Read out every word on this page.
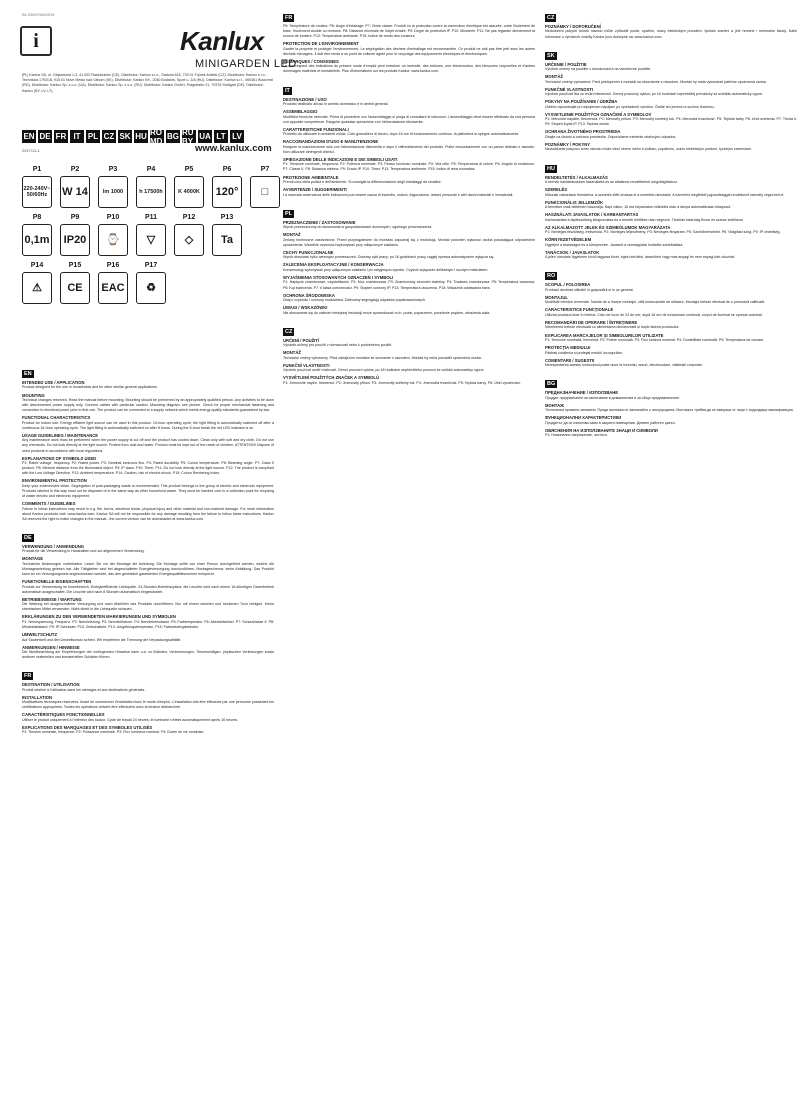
IM-20697/IM/2019
i	Kanlux
MINIGARDEN LED
[PL] Kanlux SA, ul. Objazdowa 1-3, 41-922 Radzionków (CE). Distributor: Kanlux s.r.o., Sadová 616, 739 01 Frýdek-Místek (CZ). Distributor: Kanlux s.r.o., Technická 1793/16, 915 01 Nové Mesto nad Váhom (SK). Distributor: Kanlux Kft., 2040 Budaörs, Sport u. 2/A (HU). Distributor: Kanlux s.r.l., 060361 Bucuresti (RO). Distributor: Kanlux Sp. z o.o. (UA). Distributor: Kanlux Sp. z o.o. (RU). Distributor: Kanlux GmbH, Pragstraße 21, 70376 Stuttgart (DE). Distributor: Kanlux (BY, LV, LT).
EN DE FR IT PL CZ SK HU RO MD BG RU BY UA LT LV
2017/11-1	www.kanlux.com
P1
220-240V~ 50/60Hz
P2
W 14
P3
lm 1000
P4
h 17500h
P5
K 4000K
P6
120°
P7
□
P8
0,1m
P9
IP20
P10
⌚
P11
▽
P12
◇
P13
Ta
P14
⚠
P15
CE
P16
EAC
P17
♻
EN
INTENDED USE / APPLICATION
Product designed for the use in households and for other similar general applications.
MOUNTING
Technical changes reserved. Read the manual before mounting. Mounting should be performed by an appropriately qualified person. Any activities to be done with disconnected power supply only. Connect cables with particular caution. Mounting diagram: see picture. Check for proper mechanical fastening and connection to electrical power prior to first use. The product can be connected to a supply network which meets energy quality standards guaranteed by law.
FUNCTIONAL CHARACTERISTICS
Product for indoor use. Energy efficient light source can be used in this product. 24-hour operating cycle; the light fitting is automatically switched off after a continuous 16-hour operating cycle. The light fitting is automatically switched on after 8 hours. During the 8-hour break the red LED indicator is on.
USAGE GUIDELINES / MAINTENANCE
Any maintenance work must be performed when the power supply is cut off and the product has cooled down. Clean only with soft and dry cloth. Do not use any chemicals. Do not look directly at the light source. Protect from dust and water. Product must be kept out of the reach of children. ATTENTION! Dispose of used products in accordance with local regulations.
EXPLANATIONS OF SYMBOLS USED
P1: Rated voltage, frequency. P2: Rated power. P3: Nominal luminous flux. P4: Rated durability. P5: Colour temperature. P6: Beaming angle. P7: Class II product. P8: Minimal distance from the illuminated object. P9: IP class. P10: Timer. P11: Do not look directly at the light source. P12: The product is compliant with the Low Voltage Directive. P13: Ambient temperature. P14: Caution, risk of electric shock. P15: Colour Rendering Index.
ENVIRONMENTAL PROTECTION
Keep your environment clean. Segregation of post-packaging waste is recommended. This product belongs to the group of electric and electronic equipment. Products labeled in this way must not be disposed of in the same way as other household waste. They must be handed over to a collection point for recycling of waste electric and electronic equipment.
COMMENTS / GUIDELINES
Failure to follow instructions may result in e.g. fire, burns, electrical shock, physical injury and other material and non-material damage. For more information about Kanlux products visit: www.kanlux.com. Kanlux SA will not be responsible for any damage resulting from the failure to follow these instructions. Kanlux SA reserves the right to make changes in the manual - the current version can be downloaded at www.kanlux.com.
DE
VERWENDUNG / ANWENDUNG
Produkt für die Verwendung in Haushalten und zur allgemeinen Verwendung.
MONTAGE
Technische Änderungen vorbehalten. Lesen Sie vor der Montage die Anleitung. Die Montage sollte von einer Person durchgeführt werden, welche die Montageanleitung gelesen hat. Alle Tätigkeiten sind bei abgeschalteter Energieversorgung durchzuführen. Montageschema: siehe Abbildung. Das Produkt kann an ein Versorgungsnetz angeschlossen werden, das den gesetzlich garantierten Energiequalitätsnormen entspricht.
FUNKTIONELLE EIGENSCHAFTEN
Produkt zur Verwendung im Innenbereich. Energieeffiziente Lichtquelle. 24-Stunden-Betriebszyklus; die Leuchte wird nach einem 16-stündigen Dauerbetrieb automatisch ausgeschaltet. Die Leuchte wird nach 8 Stunden automatisch eingeschaltet.
BETRIEBSWEISE / WARTUNG
Die Wartung bei ausgeschalteter Versorgung und nach Abkühlen des Produkts durchführen. Nur mit einem weichen und trockenen Tuch reinigen. Keine chemischen Mittel verwenden. Nicht direkt in die Lichtquelle schauen.
ERKLÄRUNGEN ZU DEN VERWENDETEN MARKIERUNGEN UND SYMBOLEN
P1: Nennspannung, Frequenz. P2: Nennleistung. P3: Nennlichtstrom. P4: Nennlebensdauer. P5: Farbtemperatur. P6: Abstrahlwinkel. P7: Schutzklasse II. P8: Mindestabstand. P9: IP-Schutzart. P10: Zeitschaltuhr. P13: Umgebungstemperatur. P15: Farbwiedergabeindex.
UMWELTSCHUTZ
Auf Sauberkeit und den Umweltschutz achten. Wir empfehlen die Trennung der Verpackungsabfälle.
ANMERKUNGEN / HINWEISE
Die Nichtbeachtung der Empfehlungen der vorliegenden Hinweise kann u.a. zu Bränden, Verbrennungen, Stromschlägen, physischen Verletzungen sowie anderen materiellen und immateriellen Schäden führen.
FR
DESTINATION / UTILISATION
Produit destiné à l'utilisation dans les ménages et aux destinations générales.
INSTALLATION
Modifications techniques réservées. Avant de commencer l'installation lisez le mode d'emploi. L'installation doit être effectuée par une personne possédant les certifications appropriées. Toutes les opérations doivent être effectuées avec la tension débranchée.
CARACTÉRISTIQUES FONCTIONNELLES
Utiliser le produit uniquement à l'intérieur des locaux. Cycle de travail 24 heures; le luminaire s'éteint automatiquement après 16 heures.
EXPLICATIONS DES MARQUAGES ET DES SYMBOLES UTILISÉS
P1: Tension nominale, fréquence. P2: Puissance nominale. P3: Flux lumineux nominal. P4: Durée de vie nominale.
FR
P5: Température de couleur. P6: Angle d'éclairage. P7: 2ème classe: Produit où la protection contre la commotion électrique est assurée, outre l'isolement de base, l'isolement double ou renforcé. P8: Distance minimale de l'objet éclairé. P9: Degré de protection IP. P10: Minuterie. P11: Ne pas regarder directement la source de lumière. P13: Température ambiante. P15: Indice de rendu des couleurs.
PROTECTION DE L'ENVIRONNEMENT
Garder la propreté et protéger l'environnement. La ségrégation des déchets d'emballage est recommandée. Ce produit ne doit pas être jeté avec les autres déchets ménagers. Il doit être remis à un point de collecte agréé pour le recyclage des équipements électriques et électroniques.
REMARQUES / CONSIGNES
Le non-respect des indications du présent mode d'emploi peut entraîner un incendie, des brûlures, une électrocution, des blessures corporelles et d'autres dommages matériels et immatériels. Plus d'informations sur les produits Kanlux: www.kanlux.com.
IT
DESTINAZIONE / USO
Prodotto destinato all'uso in ambito domestico e in ambiti generali.
ASSEMBLAGGIO
Modifiche tecniche riservate. Prima di procedere con l'assemblaggio si prega di consultare le istruzioni. L'assemblaggio deve essere effettuato da una persona con apposite competenze. Eseguire qualsiasi operazione con l'alimentazione disinserita.
CARATTERISTICHE FUNZIONALI
Prodotto da utilizzare in ambienti chiusi. Ciclo giornaliero di lavoro, dopo 16 ore di funzionamento continuo, la plafoniera si spegne automaticamente.
RACCOMANDAZIONI D'USO E MANUTENZIONE
Eseguire la manutenzione solo con l'alimentazione disinserita e dopo il raffreddamento del prodotto. Pulire esclusivamente con un panno delicato e asciutto. Non utilizzare detergenti chimici.
SPIEGAZIONE DELLE INDICAZIONI E DEI SIMBOLI USATI
P1: Tensione nominale, frequenza. P2: Potenza nominale. P3: Flusso luminoso nominale. P4: Vita utile. P5: Temperatura di colore. P6: Angolo di emissione. P7: Classe II. P8: Distanza minima. P9: Grado IP. P10: Timer. P13: Temperatura ambiente. P15: Indice di resa cromatica.
PROTEZIONE AMBIENTALE
Prendi cura della pulizia e dell'ambiente. Si consiglia la differenziazione degli imballaggi da smaltire.
AVVERTENZE / SUGGERIMENTI
La mancata osservanza delle indicazioni può essere causa di incendio, ustioni, folgorazione, lesioni personali e altri danni materiali e immateriali.
PL
PRZEZNACZENIE / ZASTOSOWANIE
Wyrób przeznaczony do stosowania w gospodarstwach domowych i ogólnego przeznaczenia.
MONTAŻ
Zmiany techniczne zastrzeżone. Przed przystąpieniem do montażu zapoznaj się z instrukcją. Montaż powinien wykonać osoba posiadająca odpowiednie uprawnienia. Wszelkie czynności wykonywać przy odłączonym zasilaniu.
CECHY FUNKCJONALNE
Wyrób stosować tylko wewnątrz pomieszczeń. Dobowy cykl pracy; po 16 godzinach pracy ciągłej oprawa automatycznie wyłącza się.
ZALECENIA EKSPLOATACYJNE / KONSERWACJA
Konserwację wykonywać przy odłączonym zasilaniu i po ostygnięciu wyrobu. Czyścić wyłącznie delikatnym i suchym materiałem.
WYJAŚNIENIA STOSOWANYCH OZNACZEŃ I SYMBOLI
P1: Napięcie znamionowe, częstotliwość. P2: Moc znamionowa. P3: Znamionowy strumień świetlny. P4: Trwałość znamionowa. P5: Temperatura barwowa. P6: Kąt świecenia. P7: II klasa ochronności. P9: Stopień ochrony IP. P13: Temperatura otoczenia. P15: Wskaźnik oddawania barw.
OCHRONA ŚRODOWISKA
Dbaj o czystość i ochronę środowiska. Zalecamy segregację odpadów popakowaniowych.
UWAGI / WSKAZÓWKI
Nie stosowanie się do zaleceń niniejszej instrukcji może spowodować m.in. pożar, poparzenie, porażenie prądem, obrażenia ciała.
CZ
URČENÍ / POUŽITÍ
Výrobek určený pro použití v domácnosti nebo k podobnému použití.
MONTÁŽ
Technické změny vyhrazeny. Před zahájením montáže se seznamte s návodem. Montáž by měla provádět oprávněná osoba.
FUNKČNÍ VLASTNOSTI
Výrobek používat uvnitř místností. Denní provozní cyklus; po 16 hodinách nepřetržitého provozu se svítidlo automaticky vypne.
VYSVĚTLENÍ POUŽITÝCH ZNAČEK A SYMBOLŮ
P1: Jmenovité napětí, frekvence. P2: Jmenovitý příkon. P3: Jmenovitý světelný tok. P4: Jmenovitá trvanlivost. P5: Teplota barvy. P6: Úhel vyzařování.
CZ
POZNÁMKY / DOPORUČENÍ
Nedodržení pokynů tohoto návodu může způsobit požár, opaření, úrazy elektrickým proudem, fyzická zranění a jiné hmotné i nehmotné škody. Další informace o výrobcích značky Kanlux jsou dostupné na: www.kanlux.com.
SK
URČENIE / POUŽITIE
Výrobok určený na použitie v domácnosti a na všeobecné použitie.
MONTÁŽ
Technické zmeny vyhradené. Pred pristúpením k montáži sa oboznámte s návodom. Montáž by mala vykonávať patrične oprávnená osoba.
FUNKČNÉ VLASTNOSTI
Výrobok používať iba vo vnútri miestností. Denný pracovný cyklus; po 16 hodinách nepretržitej prevádzky sa svietidlo automaticky vypne.
POKYNY NA POUŽÍVANIE / ÚDRŽBA
Údržbu vykonávajte pri odpojenom napájaní po vychladnutí výrobku. Čistite len jemnou a suchou tkaninou.
VYSVETLENIE POUŽITÝCH OZNAČENÍ A SYMBOLOV
P1: Menovité napätie, frekvencia. P2: Menovitý príkon. P3: Menovitý svetelný tok. P4: Menovitá trvanlivosť. P5: Teplota farby. P6: Uhol svietenia. P7: Trieda II. P9: Stupeň krytia IP. P13: Teplota okolia.
OCHRANA ŽIVOTNÉHO PROSTREDIA
Dbajte na čistotu a ochranu prostredia. Odporúčame triedenie obalových odpadov.
POZNÁMKY / POKYNY
Nedodržanie pokynov tohto návodu môže viesť okrem iného k požiaru, popáleniu, úrazu elektrickým prúdom, fyzickým zraneniam.
HU
RENDELTETÉS / ALKALMAZÁS
A termék háztartásokban használatra és az általános rendeltetésű megvilágításhoz.
SZERELÉS
Műszaki változások fenntartva. A szerelés előtt olvassa el a szerelési útmutatót. A szerelést megfelelő jogosultsággal rendelkező személy végezheti el.
FUNKCIONÁLIS JELLEMZŐK
A terméket csak beltérben használja. Napi ciklus; 16 óra folyamatos működés után a lámpa automatikusan kikapcsol.
HASZNÁLATI JAVASLATOK / KARBANTARTÁS
Karbantartást a tápfeszültség kikapcsolása és a termék lehűlése után végezze. Tisztítás kizárólag finom és száraz textíliával.
AZ ALKALMAZOTT JELEK ÉS SZIMBÓLUMOK MAGYARÁZATA
P1: Névleges feszültség, frekvencia. P2: Névleges teljesítmény. P3: Névleges fényáram. P5: Színhőmérséklet. P6: Világítási szög. P9: IP védettség.
KÖRNYEZETVÉDELEM
Ügyeljen a tisztaságra és a környezetre. Javasolt a csomagolási hulladék szelektálása.
TANÁCSOK / JAVASLATOK
A jelen útmutató figyelmen kívül hagyása tüzet, égési sérülést, áramütést vagy más anyagi és nem anyagi kárt okozhat.
RO
SCOPUL / FOLOSIREA
Produsul destinat utilizării în gospodării și în uz general.
MONTAJUL
Modificări tehnice rezervate. Înainte de a începe montajul, citiți instrucțiunile de utilizare. Montajul trebuie efectuat de o persoană calificată.
CARACTERISTICE FUNCȚIONALE
Utilizați produsul doar în interior. Ciclu de lucru de 24 de ore; după 16 ore de funcționare continuă, corpul de iluminat se oprește automat.
RECOMANDĂRI DE OPERARE / ÎNTREȚINERE
Întreținerea trebuie efectuată cu alimentarea deconectată și după răcirea produsului.
EXPLICAREA MARCAJELOR ȘI SIMBOLURILOR UTILIZATE
P1: Tensiune nominală, frecvență. P2: Putere nominală. P3: Flux luminos nominal. P4: Durabilitate nominală. P5: Temperatura de culoare.
PROTECȚIA MEDIULUI
Păstrați curățenia și protejați mediul înconjurător.
COMENTARII / SUGESTII
Nerespectarea acestor instrucțiuni poate duce la incendiu, arsuri, electrocutare, vătămări corporale.
BG
ПРЕДНАЗНАЧЕНИЕ / ИЗПОЛЗВАНЕ
Продукт предназначен за използване в домакинства и за общо предназначение.
МОНТАЖ
Технически промени запазени. Преди монтажа се запознайте с инструкцията. Монтажът трябва да се извърши от лице с подходяща квалификация.
ФУНКЦИОНАЛНИ ХАРАКТЕРИСТИКИ
Продуктът да се използва само в закрити помещения. Дневен работен цикъл.
ОБЯСНЕНИЯ НА ИЗПОЛЗВАНИТЕ ЗНАЦИ И СИМВОЛИ
P1: Номинално напрежение, честота.
